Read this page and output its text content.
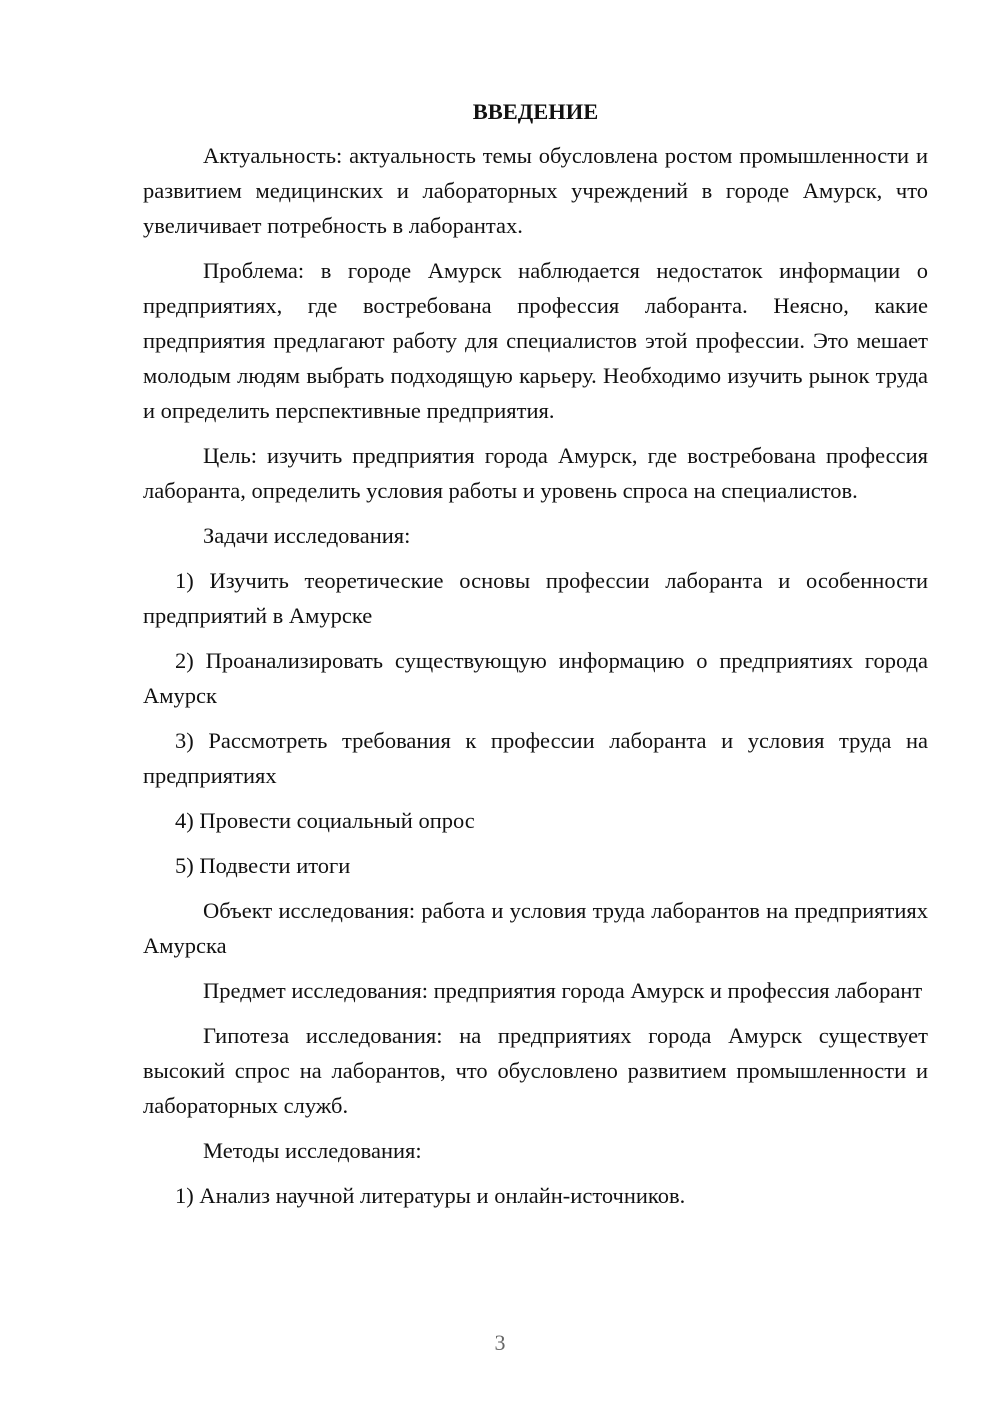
ВВЕДЕНИЕ

Актуальность: актуальность темы обусловлена ростом промышленности и развитием медицинских и лабораторных учреждений в городе Амурск, что увеличивает потребность в лаборантах.

Проблема: в городе Амурск наблюдается недостаток информации о предприятиях, где востребована профессия лаборанта. Неясно, какие предприятия предлагают работу для специалистов этой профессии. Это мешает молодым людям выбрать подходящую карьеру. Необходимо изучить рынок труда и определить перспективные предприятия.

Цель: изучить предприятия города Амурск, где востребована профессия лаборанта, определить условия работы и уровень спроса на специалистов.

Задачи исследования:

1) Изучить теоретические основы профессии лаборанта и особенности предприятий в Амурске

2) Проанализировать существующую информацию о предприятиях города Амурск

3) Рассмотреть требования к профессии лаборанта и условия труда на предприятиях

4) Провести социальный опрос

5) Подвести итоги

Объект исследования: работа и условия труда лаборантов на предприятиях Амурска

Предмет исследования: предприятия города Амурск и профессия лаборант

Гипотеза исследования: на предприятиях города Амурск существует высокий спрос на лаборантов, что обусловлено развитием промышленности и лабораторных служб.

Методы исследования:

1) Анализ научной литературы и онлайн-источников.

3
